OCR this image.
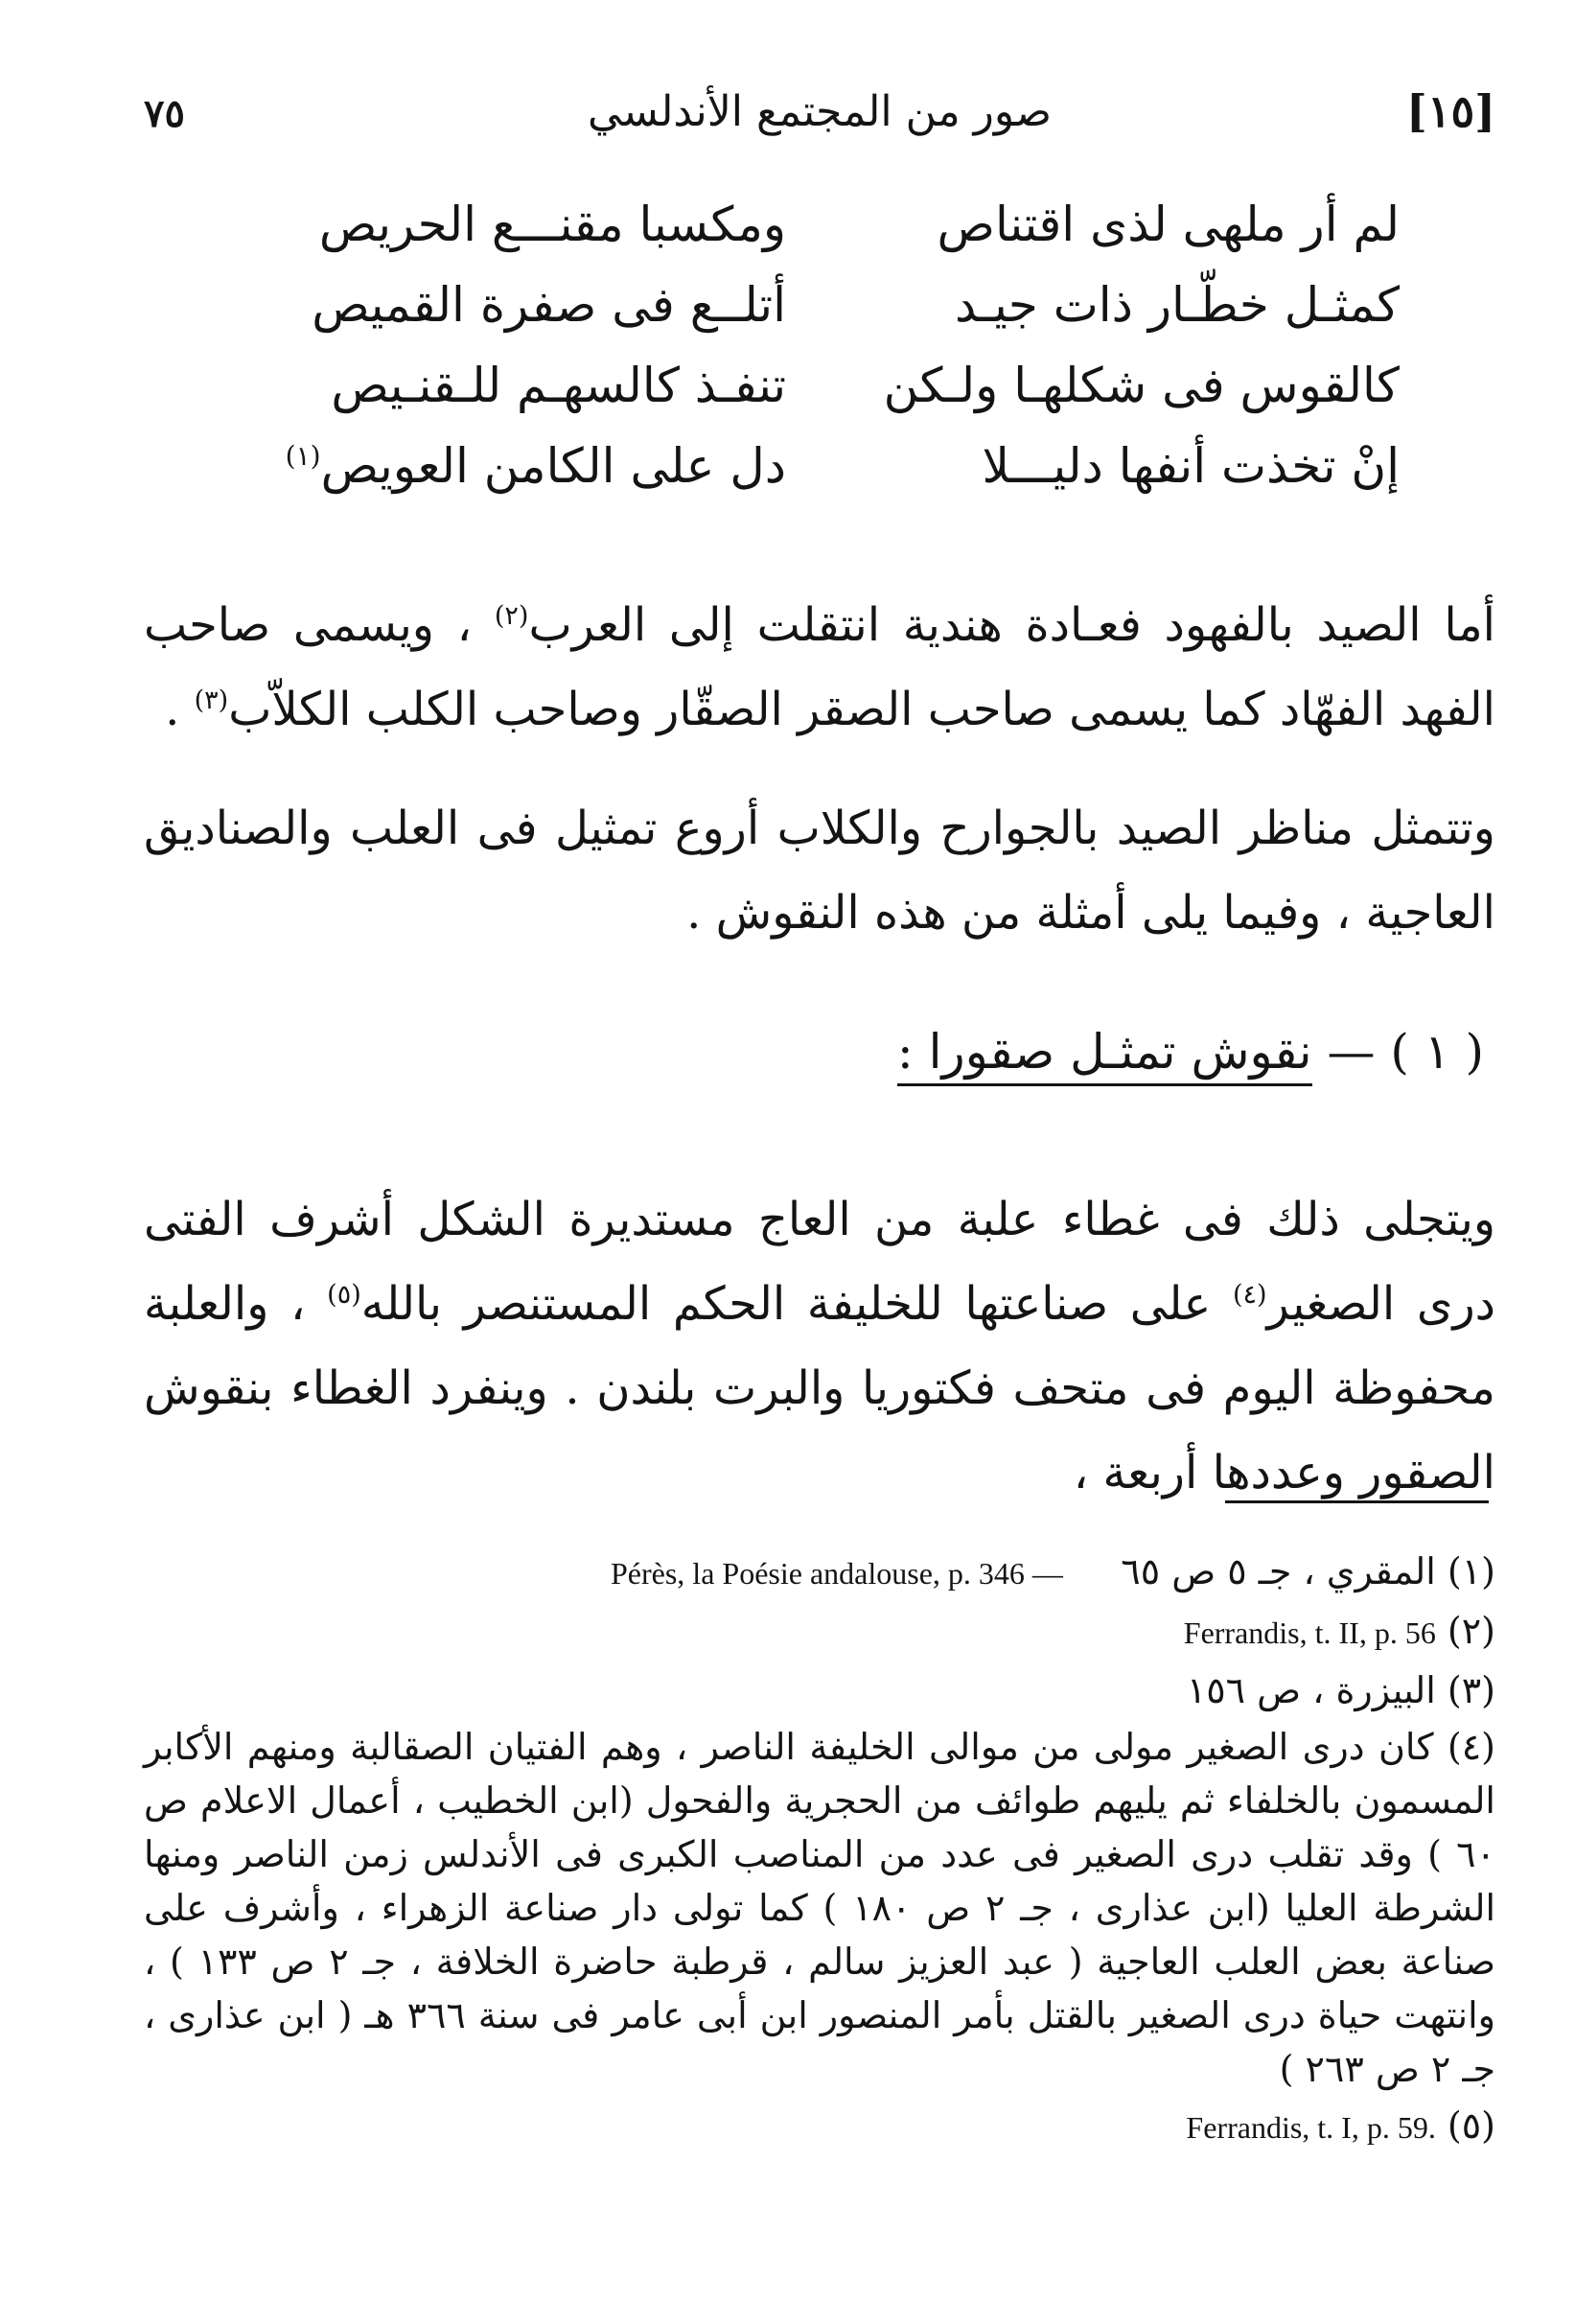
٧٥	صور من المجتمع الأندلسي	[١٥]
لم أر ملهى لذى اقتناص
ومكسبا مقنـــع الحريص
كمثـل خطّـار ذات جيـد
أتلــع فى صفرة القميص
كالقوس فى شكلهـا ولـكن
تنفـذ كالسهـم للـقنـيص
إنْ تخذت أنفها دليـــلا
دل على الكامن العويص$^{(١)}$

أما الصيد بالفهود فعـادة هندية انتقلت إلى العرب$^{(٢)}$ ، ويسمى صاحب الفهد الفهّاد كما يسمى صاحب الصقر الصقّار وصاحب الكلب الكلاّب$^{(٣)}$ .

وتتمثل مناظر الصيد بالجوارح والكلاب أروع تمثيل فى العلب والصناديق العاجية ، وفيما يلى أمثلة من هذه النقوش .

( ١ ) — نقوش تمثـل صقورا :

ويتجلى ذلك فى غطاء علبة من العاج مستديرة الشكل أشرف الفتى درى الصغير$^{(٤)}$ على صناعتها للخليفة الحكم المستنصر بالله$^{(٥)}$ ، والعلبة محفوظة اليوم فى متحف فكتوريا والبرت بلندن . وينفرد الغطاء بنقوش الصقور وعددها أربعة ،

(١) المقري ، جـ ٥ ص ٦٥     Pérès, la Poésie andalouse, p. 346 —
(٢) Ferrandis, t. II, p. 56
(٣) البيزرة ، ص ١٥٦
(٤) كان درى الصغير مولى من موالى الخليفة الناصر ، وهم الفتيان الصقالبة ومنهم الأكابر المسمون بالخلفاء ثم يليهم طوائف من الحجرية والفحول (ابن الخطيب ، أعمال الاعلام ص ٦٠ ) وقد تقلب درى الصغير فى عدد من المناصب الكبرى فى الأندلس زمن الناصر ومنها الشرطة العليا (ابن عذارى ، جـ ٢ ص ١٨٠ ) كما تولى دار صناعة الزهراء ، وأشرف على صناعة بعض العلب العاجية ( عبد العزيز سالم ، قرطبة حاضرة الخلافة ، جـ ٢ ص ١٣٣ ) ، وانتهت حياة درى الصغير بالقتل بأمر المنصور ابن أبى عامر فى سنة ٣٦٦ هـ ( ابن عذارى ، جـ ٢ ص ٢٦٣ )
(٥) Ferrandis, t. I, p. 59.
